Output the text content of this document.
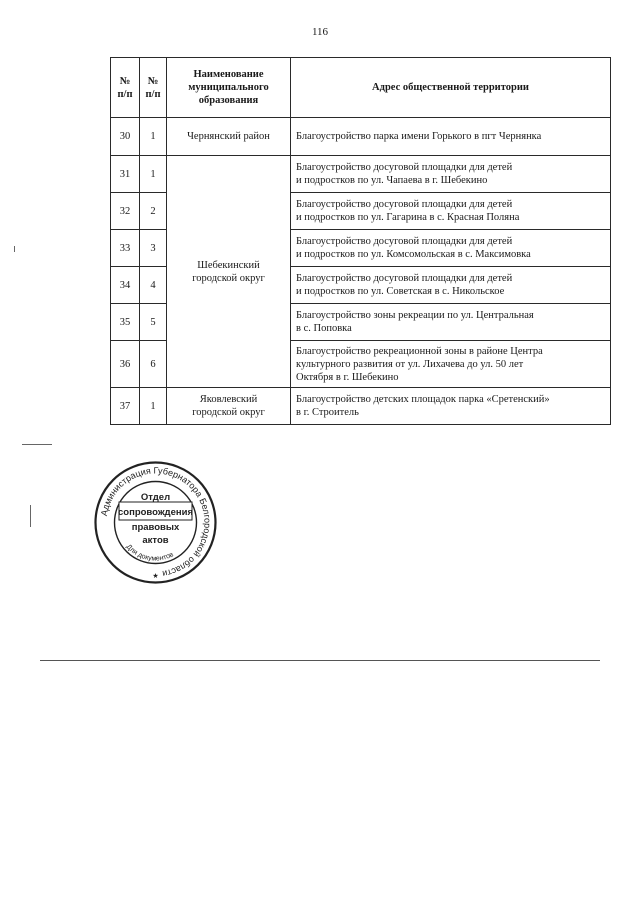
116
№ п/п	№ п/п	Наименование муниципального образования	Адрес общественной территории
30	1	Чернянский район	Благоустройство парка имени Горького в пгт Чернянка
31	1	Шебекинский
городской округ	Благоустройство досуговой площадки для детей
и подростков по ул. Чапаева в г. Шебекино
32	2		Благоустройство досуговой площадки для детей
и подростков по ул. Гагарина в с. Красная Поляна
33	3		Благоустройство досуговой площадки для детей
и подростков по ул. Комсомольская в с. Максимовка
34	4		Благоустройство досуговой площадки для детей
и подростков по ул. Советская в с. Никольское
35	5		Благоустройство зоны рекреации по ул. Центральная
в с. Поповка
36	6		Благоустройство рекреационной зоны в районе Центра
культурного развития от ул. Лихачева до ул. 50 лет
Октября в г. Шебекино
37	1	Яковлевский
городской округ	Благоустройство детских площадок парка «Сретенский»
в г. Строитель
Администрация Губернатора Белгородской области
Отдел
сопровождения
правовых
актов
Для документов
★
